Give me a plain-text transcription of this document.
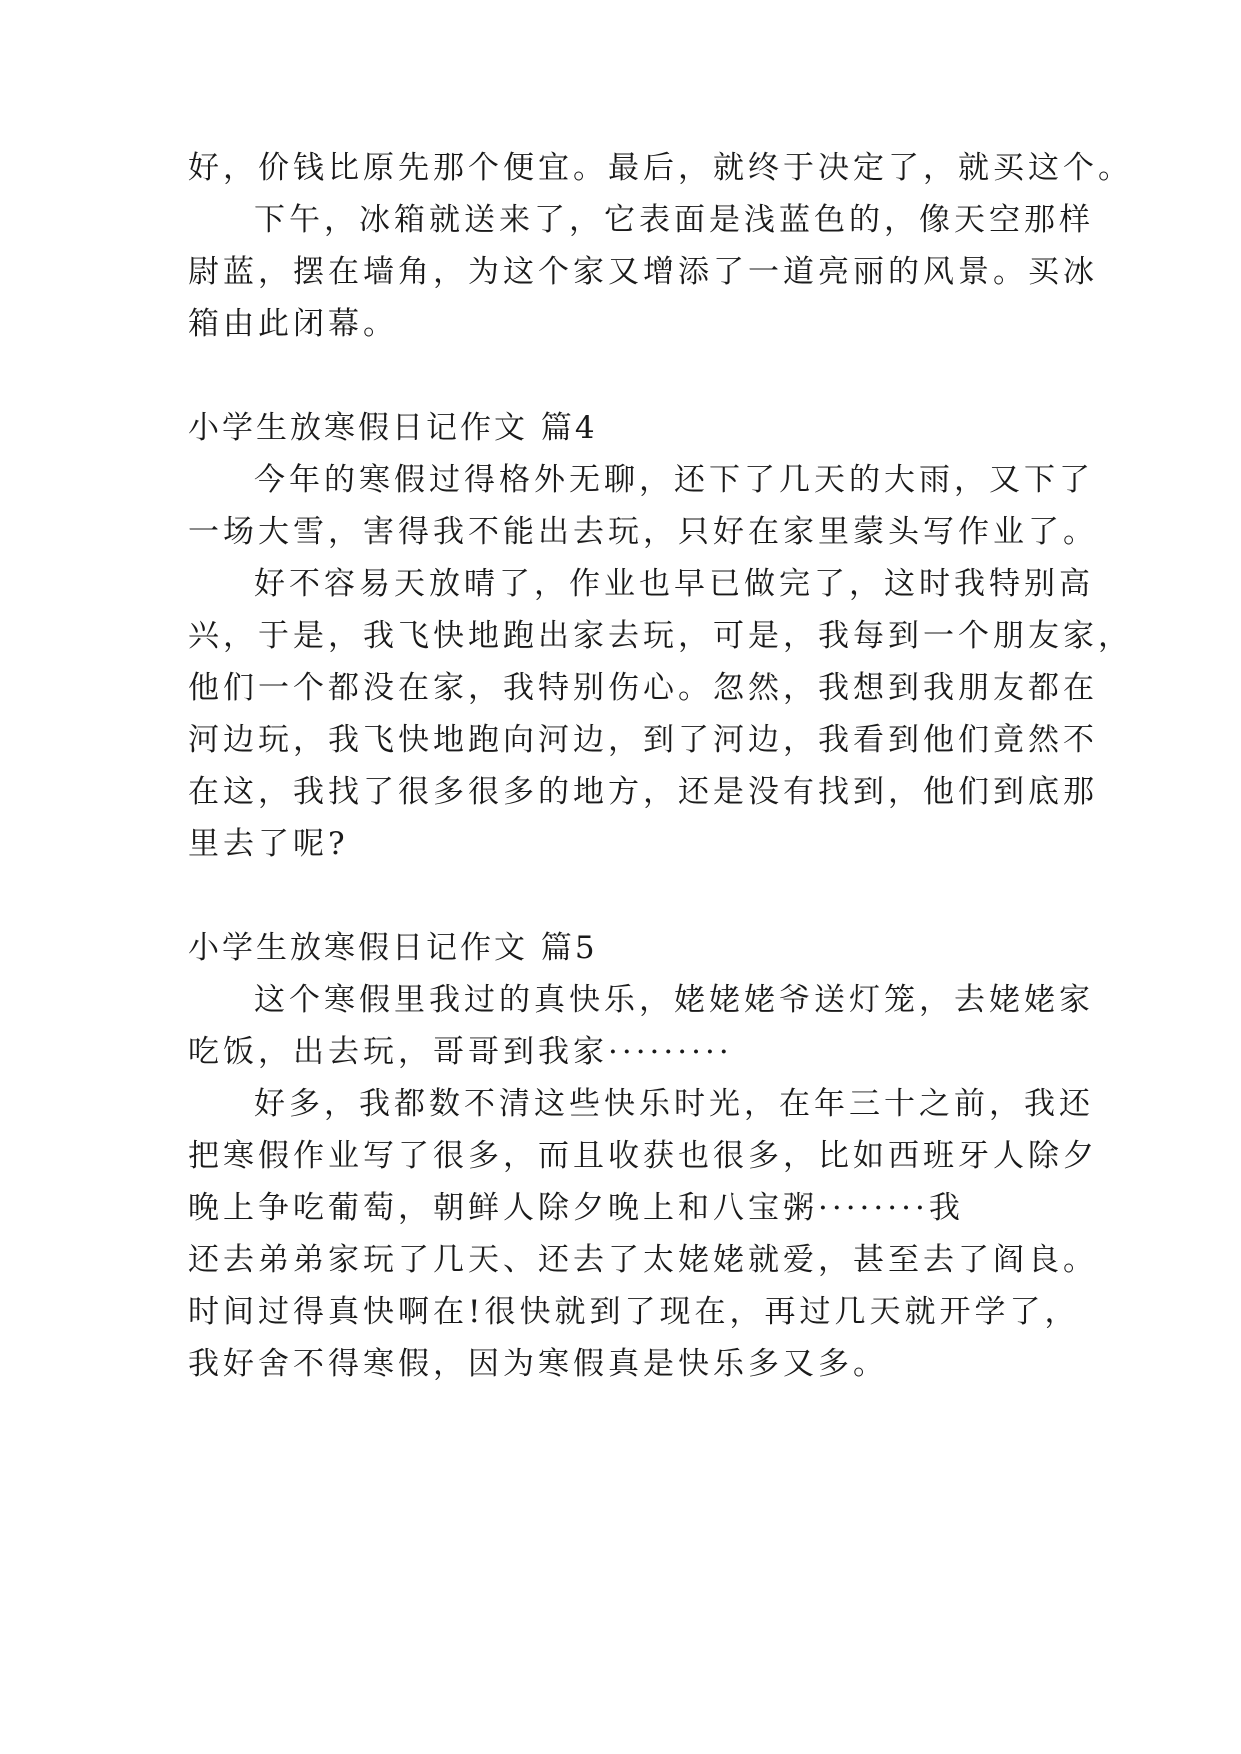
好，价钱比原先那个便宜。最后，就终于决定了，就买这个。
下午，冰箱就送来了，它表面是浅蓝色的，像天空那样
尉蓝，摆在墙角，为这个家又增添了一道亮丽的风景。买冰
箱由此闭幕。
小学生放寒假日记作文 篇4
今年的寒假过得格外无聊，还下了几天的大雨，又下了
一场大雪，害得我不能出去玩，只好在家里蒙头写作业了。
好不容易天放晴了，作业也早已做完了，这时我特别高
兴，于是，我飞快地跑出家去玩，可是，我每到一个朋友家，
他们一个都没在家，我特别伤心。忽然，我想到我朋友都在
河边玩，我飞快地跑向河边，到了河边，我看到他们竟然不
在这，我找了很多很多的地方，还是没有找到，他们到底那
里去了呢?
小学生放寒假日记作文 篇5
这个寒假里我过的真快乐，姥姥姥爷送灯笼，去姥姥家
吃饭，出去玩，哥哥到我家·········
好多，我都数不清这些快乐时光，在年三十之前，我还
把寒假作业写了很多，而且收获也很多，比如西班牙人除夕
晚上争吃葡萄，朝鲜人除夕晚上和八宝粥········我
还去弟弟家玩了几天、还去了太姥姥就爱，甚至去了阎良。
时间过得真快啊在!很快就到了现在，再过几天就开学了，
我好舍不得寒假，因为寒假真是快乐多又多。
